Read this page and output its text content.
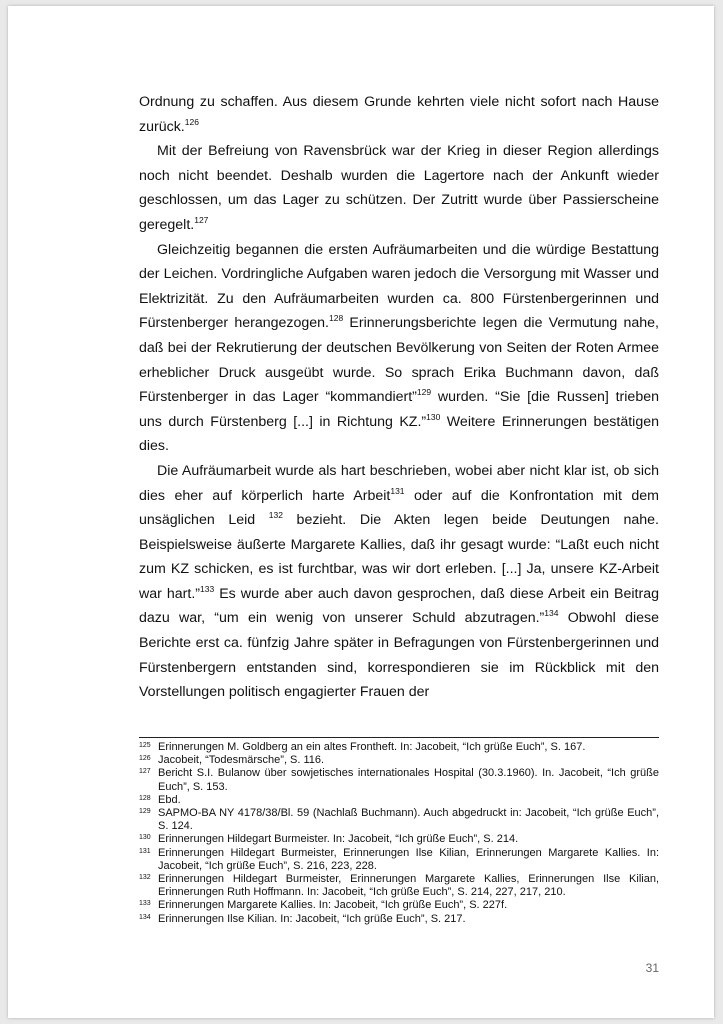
Ordnung zu schaffen. Aus diesem Grunde kehrten viele nicht sofort nach Hause zurück.$^{126}$

Mit der Befreiung von Ravensbrück war der Krieg in dieser Region allerdings noch nicht beendet. Deshalb wurden die Lagertore nach der Ankunft wieder geschlossen, um das Lager zu schützen. Der Zutritt wurde über Passierscheine geregelt.$^{127}$

Gleichzeitig begannen die ersten Aufräumarbeiten und die würdige Bestattung der Leichen. Vordringliche Aufgaben waren jedoch die Versorgung mit Wasser und Elektrizität. Zu den Aufräumarbeiten wurden ca. 800 Fürstenbergerinnen und Fürstenberger herangezogen.$^{128}$ Erinnerungsberichte legen die Vermutung nahe, daß bei der Rekrutierung der deutschen Bevölkerung von Seiten der Roten Armee erheblicher Druck ausgeübt wurde. So sprach Erika Buchmann davon, daß Fürstenberger in das Lager “kommandiert”$^{129}$ wurden. “Sie [die Russen] trieben uns durch Fürstenberg [...] in Richtung KZ.”$^{130}$ Weitere Erinnerungen bestätigen dies.

Die Aufräumarbeit wurde als hart beschrieben, wobei aber nicht klar ist, ob sich dies eher auf körperlich harte Arbeit$^{131}$ oder auf die Konfrontation mit dem unsäglichen Leid $^{132}$ bezieht. Die Akten legen beide Deutungen nahe. Beispielsweise äußerte Margarete Kallies, daß ihr gesagt wurde: “Laßt euch nicht zum KZ schicken, es ist furchtbar, was wir dort erleben. [...] Ja, unsere KZ-Arbeit war hart.”$^{133}$ Es wurde aber auch davon gesprochen, daß diese Arbeit ein Beitrag dazu war, “um ein wenig von unserer Schuld abzutragen.”$^{134}$ Obwohl diese Berichte erst ca. fünfzig Jahre später in Befragungen von Fürstenbergerinnen und Fürstenbergern entstanden sind, korrespondieren sie im Rückblick mit den Vorstellungen politisch engagierter Frauen der

125 Erinnerungen M. Goldberg an ein altes Frontheft. In: Jacobeit, “Ich grüße Euch”, S. 167.
126 Jacobeit, “Todesmärsche”, S. 116.
127 Bericht S.I. Bulanow über sowjetisches internationales Hospital (30.3.1960). In. Jacobeit, “Ich grüße Euch”, S. 153.
128 Ebd.
129 SAPMO-BA NY 4178/38/Bl. 59 (Nachlaß Buchmann). Auch abgedruckt in: Jacobeit, “Ich grüße Euch”, S. 124.
130 Erinnerungen Hildegart Burmeister. In: Jacobeit, “Ich grüße Euch”, S. 214.
131 Erinnerungen Hildegart Burmeister, Erinnerungen Ilse Kilian, Erinnerungen Margarete Kallies. In: Jacobeit, “Ich grüße Euch”, S. 216, 223, 228.
132 Erinnerungen Hildegart Burmeister, Erinnerungen Margarete Kallies, Erinnerungen Ilse Kilian, Erinnerungen Ruth Hoffmann. In: Jacobeit, “Ich grüße Euch”, S. 214, 227, 217, 210.
133 Erinnerungen Margarete Kallies. In: Jacobeit, “Ich grüße Euch”, S. 227f.
134 Erinnerungen Ilse Kilian. In: Jacobeit, “Ich grüße Euch”, S. 217.
31
